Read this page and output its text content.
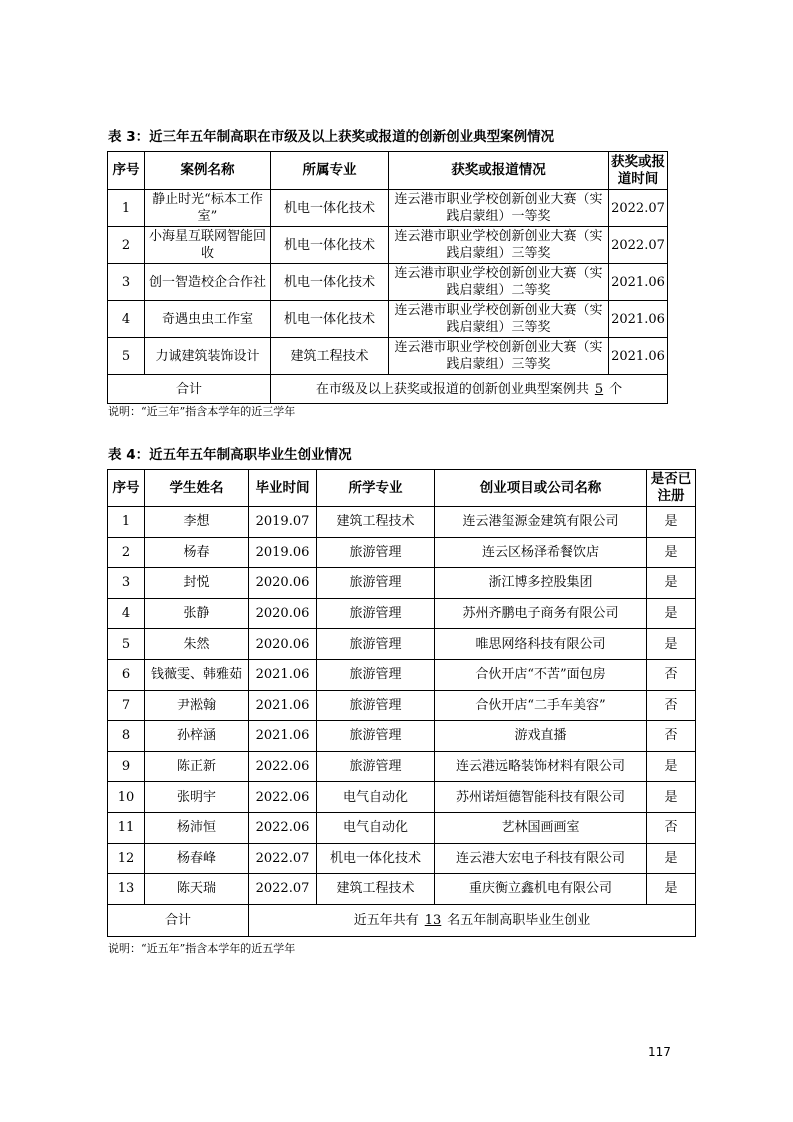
表 3：近三年五年制高职在市级及以上获奖或报道的创新创业典型案例情况
序号	案例名称	所属专业	获奖或报道情况	获奖或报道时间
1	静止时光“标本工作室”	机电一体化技术	连云港市职业学校创新创业大赛（实践启蒙组）一等奖	2022.07
2	小海星互联网智能回收	机电一体化技术	连云港市职业学校创新创业大赛（实践启蒙组）三等奖	2022.07
3	创一智造校企合作社	机电一体化技术	连云港市职业学校创新创业大赛（实践启蒙组）二等奖	2021.06
4	奇遇虫虫工作室	机电一体化技术	连云港市职业学校创新创业大赛（实践启蒙组）三等奖	2021.06
5	力诚建筑装饰设计	建筑工程技术	连云港市职业学校创新创业大赛（实践启蒙组）三等奖	2021.06
合计		在市级及以上获奖或报道的创新创业典型案例共 5 个		
说明：“近三年”指含本学年的近三学年
表 4：近五年五年制高职毕业生创业情况
序号	学生姓名	毕业时间	所学专业	创业项目或公司名称	是否已注册
1	李想	2019.07	建筑工程技术	连云港玺源金建筑有限公司	是
2	杨春	2019.06	旅游管理	连云区杨泽希餐饮店	是
3	封悦	2020.06	旅游管理	浙江博多控股集团	是
4	张静	2020.06	旅游管理	苏州齐鹏电子商务有限公司	是
5	朱然	2020.06	旅游管理	唯思网络科技有限公司	是
6	钱薇雯、韩雅茹	2021.06	旅游管理	合伙开店“不苦”面包房	否
7	尹淞翰	2021.06	旅游管理	合伙开店“二手车美容”	否
8	孙梓涵	2021.06	旅游管理	游戏直播	否
9	陈正新	2022.06	旅游管理	连云港远略装饰材料有限公司	是
10	张明宇	2022.06	电气自动化	苏州诺烜德智能科技有限公司	是
11	杨沛恒	2022.06	电气自动化	艺林国画画室	否
12	杨春峰	2022.07	机电一体化技术	连云港大宏电子科技有限公司	是
13	陈天瑞	2022.07	建筑工程技术	重庆衡立鑫机电有限公司	是
合计		近五年共有 13 名五年制高职毕业生创业			
说明：“近五年”指含本学年的近五学年
117
